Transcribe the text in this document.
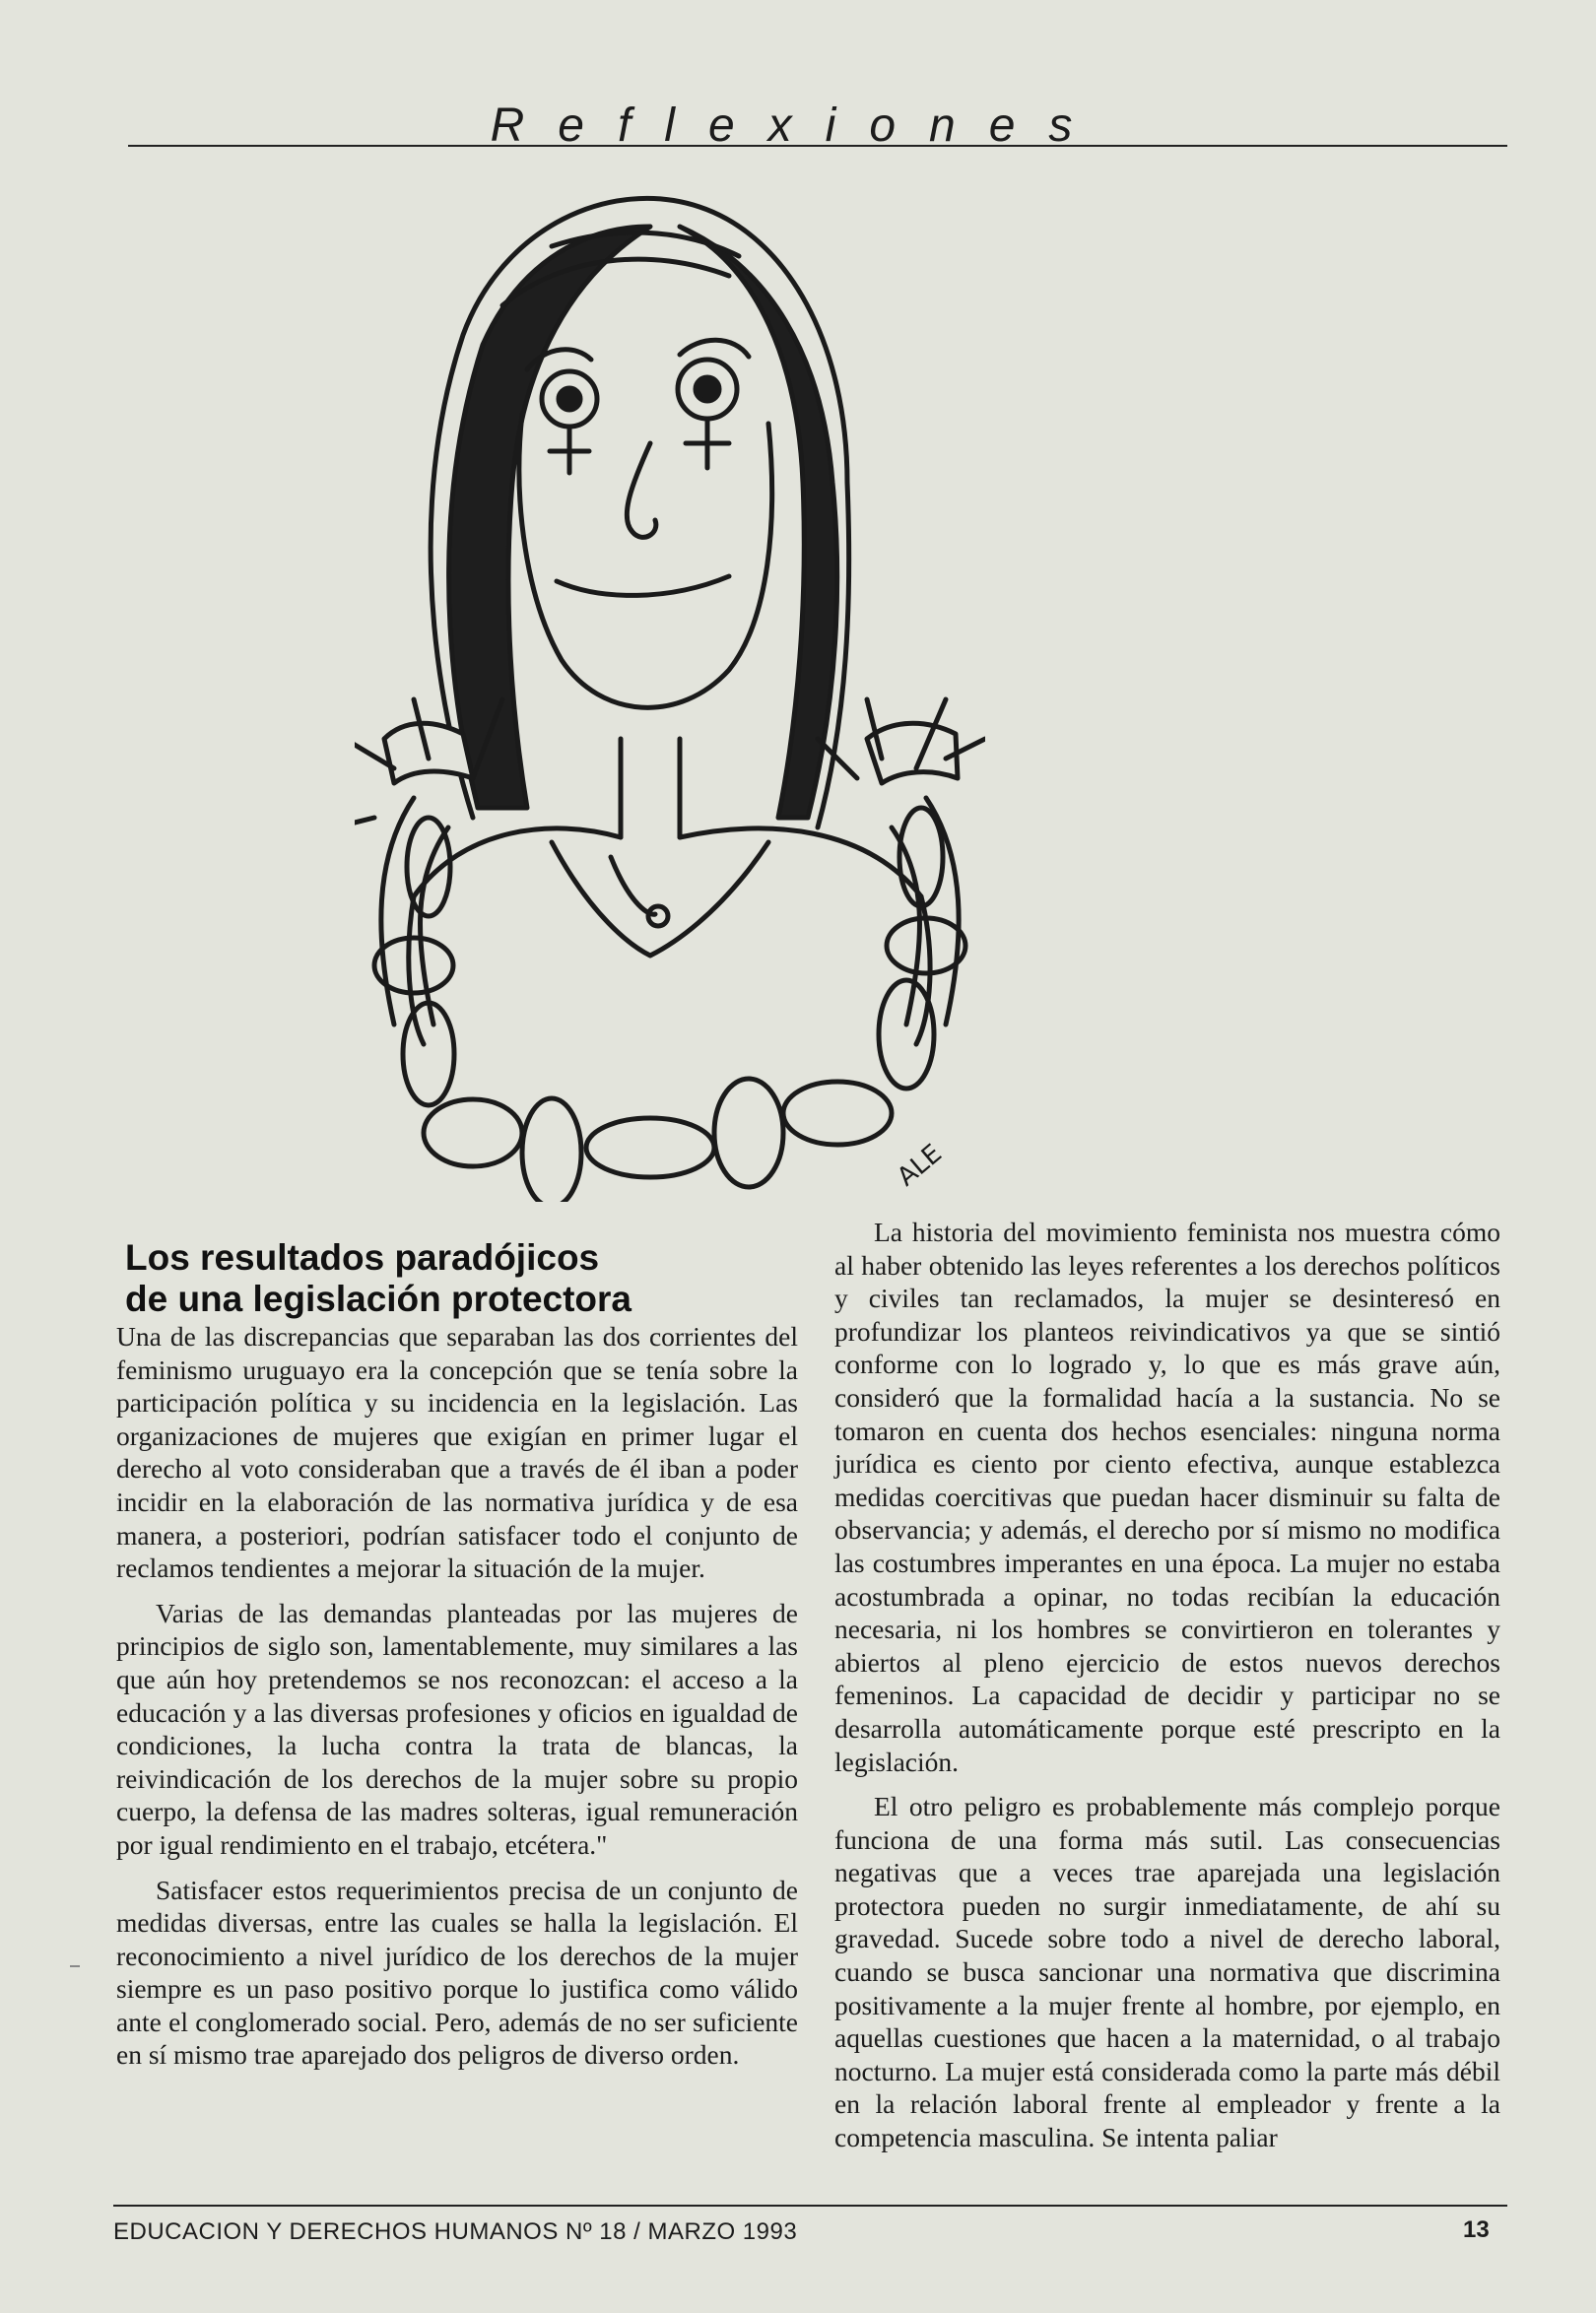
Reflexiones
ALE
Los resultados paradójicos
de una legislación protectora

Una de las discrepancias que separaban las dos corrientes del feminismo uruguayo era la concepción que se tenía sobre la participación política y su incidencia en la legislación. Las organizaciones de mujeres que exigían en primer lugar el derecho al voto consideraban que a través de él iban a poder incidir en la elaboración de las normativa jurídica y de esa manera, a posteriori, podrían satisfacer todo el conjunto de reclamos tendientes a mejorar la situación de la mujer.

Varias de las demandas planteadas por las mujeres de principios de siglo son, lamentablemente, muy similares a las que aún hoy pretendemos se nos reconozcan: el acceso a la educación y a las diversas profesiones y oficios en igualdad de condiciones, la lucha contra la trata de blancas, la reivindicación de los derechos de la mujer sobre su propio cuerpo, la defensa de las madres solteras, igual remuneración por igual rendimiento en el trabajo, etcétera."

Satisfacer estos requerimientos precisa de un conjunto de medidas diversas, entre las cuales se halla la legislación. El reconocimiento a nivel jurídico de los derechos de la mujer siempre es un paso positivo porque lo justifica como válido ante el conglomerado social. Pero, además de no ser suficiente en sí mismo trae aparejado dos peligros de diverso orden.

La historia del movimiento feminista nos muestra cómo al haber obtenido las leyes referentes a los derechos políticos y civiles tan reclamados, la mujer se desinteresó en profundizar los planteos reivindicativos ya que se sintió conforme con lo logrado y, lo que es más grave aún, consideró que la formalidad hacía a la sustancia. No se tomaron en cuenta dos hechos esenciales: ninguna norma jurídica es ciento por ciento efectiva, aunque establezca medidas coercitivas que puedan hacer disminuir su falta de observancia; y además, el derecho por sí mismo no modifica las costumbres imperantes en una época. La mujer no estaba acostumbrada a opinar, no todas recibían la educación necesaria, ni los hombres se convirtieron en tolerantes y abiertos al pleno ejercicio de estos nuevos derechos femeninos. La capacidad de decidir y participar no se desarrolla automáticamente porque esté prescripto en la legislación.

El otro peligro es probablemente más complejo porque funciona de una forma más sutil. Las consecuencias negativas que a veces trae aparejada una legislación protectora pueden no surgir inmediatamente, de ahí su gravedad. Sucede sobre todo a nivel de derecho laboral, cuando se busca sancionar una normativa que discrimina positivamente a la mujer frente al hombre, por ejemplo, en aquellas cuestiones que hacen a la maternidad, o al trabajo nocturno. La mujer está considerada como la parte más débil en la relación laboral frente al empleador y frente a la competencia masculina. Se intenta paliar

EDUCACION Y DERECHOS HUMANOS Nº 18 / MARZO 1993	13
